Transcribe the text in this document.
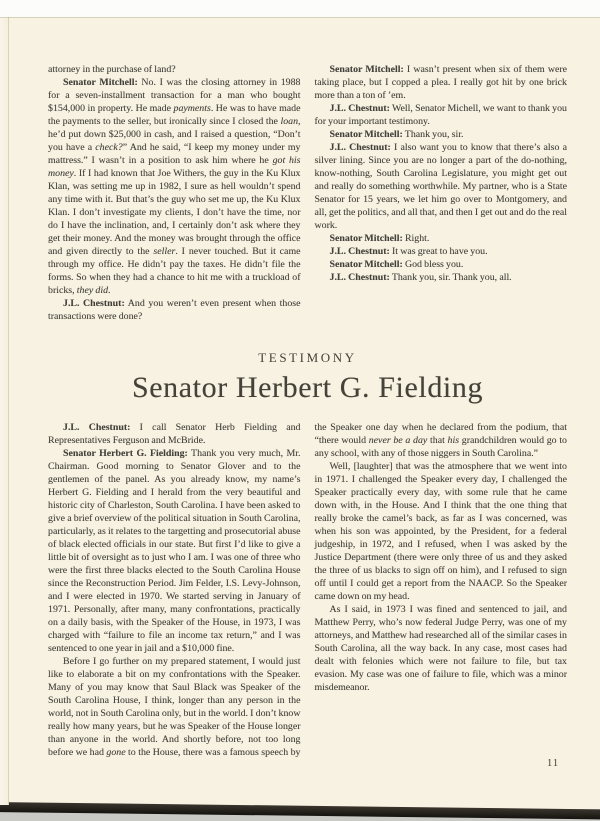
attorney in the purchase of land?

Senator Mitchell: No. I was the closing attorney in 1988 for a seven-installment transaction for a man who bought $154,000 in property. He made payments. He was to have made the payments to the seller, but ironically since I closed the loan, he’d put down $25,000 in cash, and I raised a question, “Don’t you have a check?” And he said, “I keep my money under my mattress.” I wasn’t in a position to ask him where he got his money. If I had known that Joe Withers, the guy in the Ku Klux Klan, was setting me up in 1982, I sure as hell wouldn’t spend any time with it. But that’s the guy who set me up, the Ku Klux Klan. I don’t investigate my clients, I don’t have the time, nor do I have the inclination, and, I certainly don’t ask where they get their money. And the money was brought through the office and given directly to the seller. I never touched. But it came through my office. He didn’t pay the taxes. He didn’t file the forms. So when they had a chance to hit me with a truckload of bricks, they did.

J.L. Chestnut: And you weren’t even present when those transactions were done?

Senator Mitchell: I wasn’t present when six of them were taking place, but I copped a plea. I really got hit by one brick more than a ton of ’em.

J.L. Chestnut: Well, Senator Michell, we want to thank you for your important testimony.

Senator Mitchell: Thank you, sir.

J.L. Chestnut: I also want you to know that there’s also a silver lining. Since you are no longer a part of the do-nothing, know-nothing, South Carolina Legislature, you might get out and really do something worthwhile. My partner, who is a State Senator for 15 years, we let him go over to Montgomery, and all, get the politics, and all that, and then I get out and do the real work.

Senator Mitchell: Right.

J.L. Chestnut: It was great to have you.

Senator Mitchell: God bless you.

J.L. Chestnut: Thank you, sir. Thank you, all.

TESTIMONY
Senator Herbert G. Fielding

J.L. Chestnut: I call Senator Herb Fielding and Representatives Ferguson and McBride.

Senator Herbert G. Fielding: Thank you very much, Mr. Chairman. Good morning to Senator Glover and to the gentlemen of the panel. As you already know, my name’s Herbert G. Fielding and I herald from the very beautiful and historic city of Charleston, South Carolina. I have been asked to give a brief overview of the political situation in South Carolina, particularly, as it relates to the targetting and prosecutorial abuse of black elected officials in our state. But first I’d like to give a little bit of oversight as to just who I am. I was one of three who were the first three blacks elected to the South Carolina House since the Reconstruction Period. Jim Felder, I.S. Levy-Johnson, and I were elected in 1970. We started serving in January of 1971. Personally, after many, many confrontations, practically on a daily basis, with the Speaker of the House, in 1973, I was charged with “failure to file an income tax return,” and I was sentenced to one year in jail and a $10,000 fine.

Before I go further on my prepared statement, I would just like to elaborate a bit on my confrontations with the Speaker. Many of you may know that Saul Black was Speaker of the South Carolina House, I think, longer than any person in the world, not in South Carolina only, but in the world. I don’t know really how many years, but he was Speaker of the House longer than anyone in the world. And shortly before, not too long before we had gone to the House, there was a famous speech by the Speaker one day when he declared from the podium, that “there would never be a day that his grandchildren would go to any school, with any of those niggers in South Carolina.”

Well, [laughter] that was the atmosphere that we went into in 1971. I challenged the Speaker every day, I challenged the Speaker practically every day, with some rule that he came down with, in the House. And I think that the one thing that really broke the camel’s back, as far as I was concerned, was when his son was appointed, by the President, for a federal judgeship, in 1972, and I refused, when I was asked by the Justice Department (there were only three of us and they asked the three of us blacks to sign off on him), and I refused to sign off until I could get a report from the NAACP. So the Speaker came down on my head.

As I said, in 1973 I was fined and sentenced to jail, and Matthew Perry, who’s now federal Judge Perry, was one of my attorneys, and Matthew had researched all of the similar cases in South Carolina, all the way back. In any case, most cases had dealt with felonies which were not failure to file, but tax evasion. My case was one of failure to file, which was a minor misdemeanor.

11
